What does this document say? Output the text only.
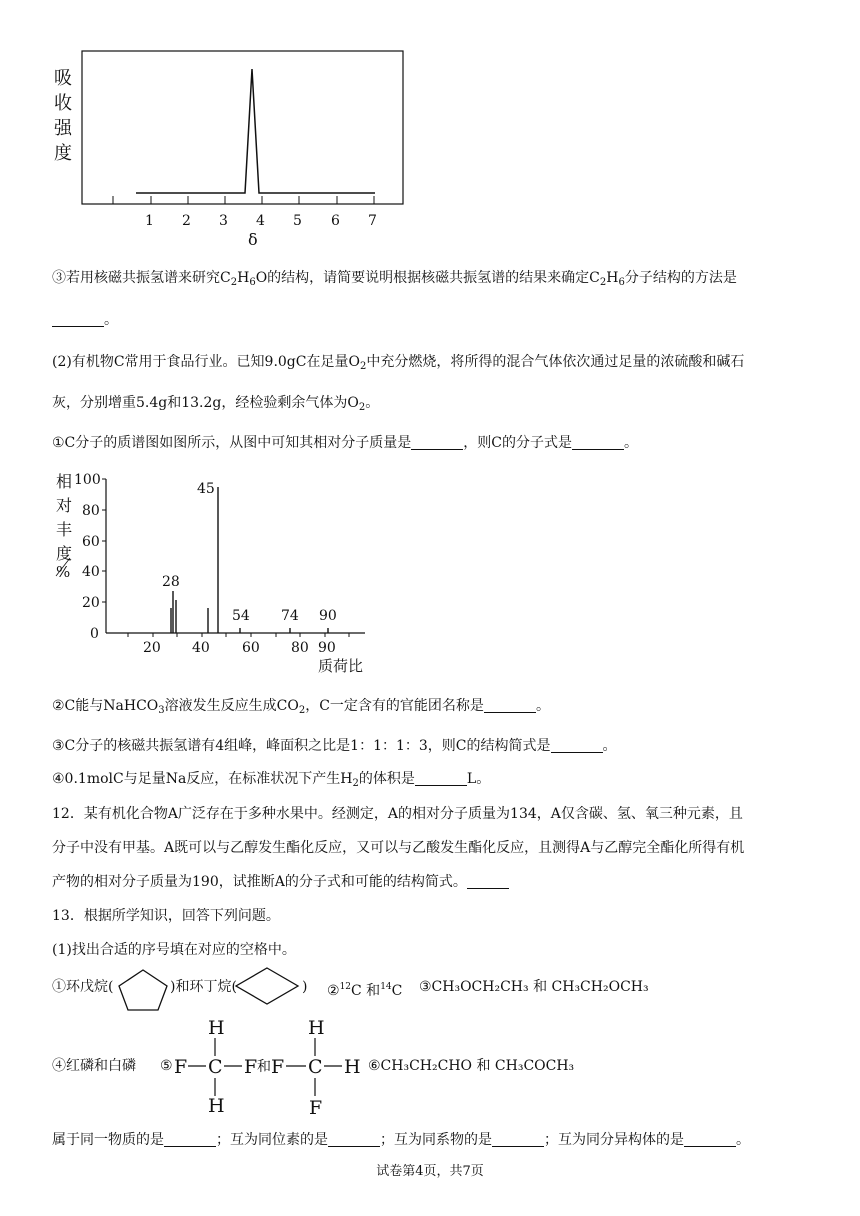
吸
收
强
度
1 2 3 4 5 6 7
δ
③若用核磁共振氢谱来研究$C_2H_6O$的结构，请简要说明根据核磁共振氢谱的结果来确定$C_2H_6$分子结构的方法是
。
(2)有机物C常用于食品行业。已知9.0gC在足量$O_2$中充分燃烧，将所得的混合气体依次通过足量的浓硫酸和碱石
灰，分别增重5.4g和13.2g，经检验剩余气体为$O_2$。
①C分子的质谱图如图所示，从图中可知其相对分子质量是	，则C的分子式是	。
相
对
丰
度
%
100
80
60
40
20
0
20 40 60 80 90
质荷比
45
28
54 74 90
②C能与NaHCO$_3$溶液发生反应生成$CO_2$，C一定含有的官能团名称是	。
③C分子的核磁共振氢谱有4组峰，峰面积之比是1：1：1：3，则C的结构简式是	。
④0.1molC与足量Na反应，在标准状况下产生$H_2$的体积是	L。
12．某有机化合物A广泛存在于多种水果中。经测定，A的相对分子质量为134，A仅含碳、氢、氧三种元素，且
分子中没有甲基。A既可以与乙醇发生酯化反应，又可以与乙酸发生酯化反应，且测得A与乙醇完全酯化所得有机
产物的相对分子质量为190，试推断A的分子式和可能的结构简式。
13．根据所学知识，回答下列问题。
(1)找出合适的序号填在对应的空格中。
①环戊烷(	)和环丁烷(	) ②$^{12}$C 和$^{14}$C ③CH₃OCH₂CH₃ 和 CH₃CH₂OCH₃
④红磷和白磷 ⑤
H
F C F
H
和
H
F C H
F
⑥CH₃CH₂CHO 和 CH₃COCH₃
属于同一物质的是	；互为同位素的是	；互为同系物的是	；互为同分异构体的是	。
试卷第4页，共7页
